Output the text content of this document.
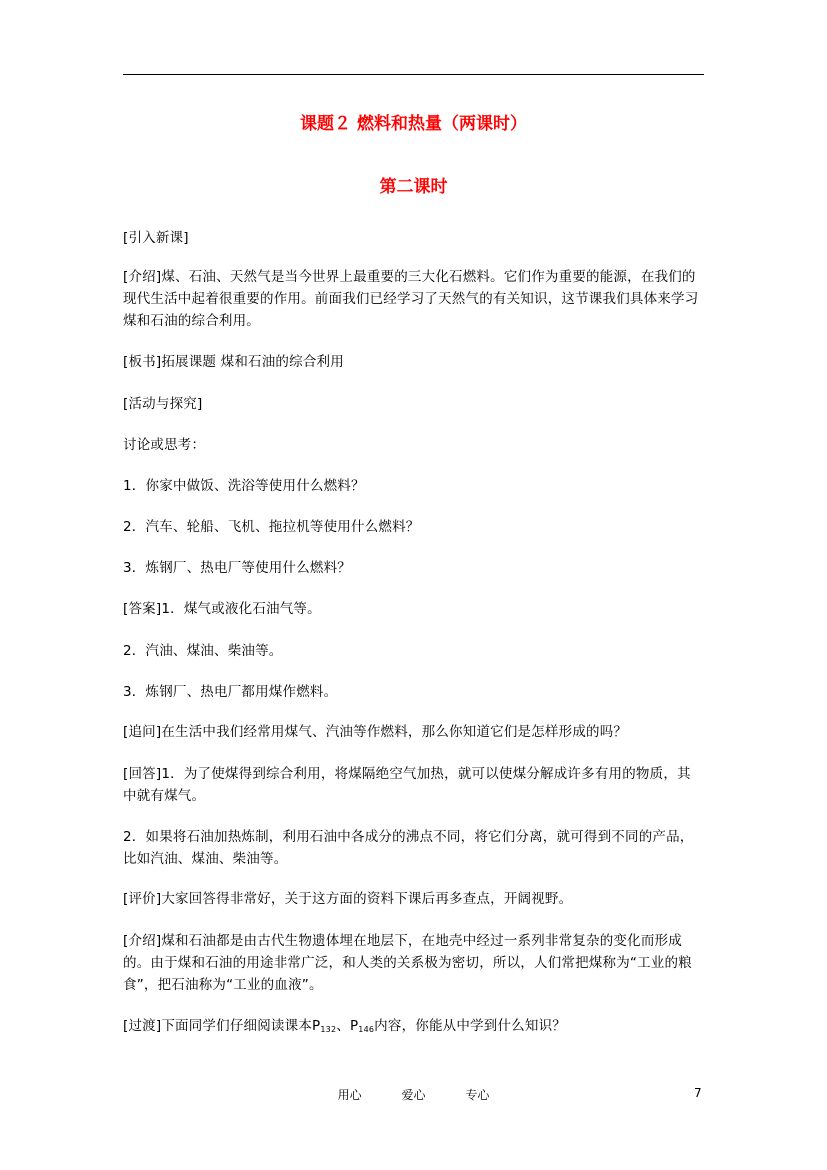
课题２ 燃料和热量（两课时）
第二课时
[引入新课]
[介绍]煤、石油、天然气是当今世界上最重要的三大化石燃料。它们作为重要的能源，在我们的现代生活中起着很重要的作用。前面我们已经学习了天然气的有关知识，这节课我们具体来学习煤和石油的综合利用。
[板书]拓展课题 煤和石油的综合利用
[活动与探究]
讨论或思考：
1．你家中做饭、洗浴等使用什么燃料？
2．汽车、轮船、飞机、拖拉机等使用什么燃料？
3．炼钢厂、热电厂等使用什么燃料？
[答案]1．煤气或液化石油气等。
2．汽油、煤油、柴油等。
3．炼钢厂、热电厂都用煤作燃料。
[追问]在生活中我们经常用煤气、汽油等作燃料，那么你知道它们是怎样形成的吗？
[回答]1．为了使煤得到综合利用，将煤隔绝空气加热，就可以使煤分解成许多有用的物质，其中就有煤气。
2．如果将石油加热炼制，利用石油中各成分的沸点不同，将它们分离，就可得到不同的产品，比如汽油、煤油、柴油等。
[评价]大家回答得非常好，关于这方面的资料下课后再多查点，开阔视野。
[介绍]煤和石油都是由古代生物遗体埋在地层下，在地壳中经过一系列非常复杂的变化而形成的。由于煤和石油的用途非常广泛，和人类的关系极为密切，所以，人们常把煤称为“工业的粮食”，把石油称为“工业的血液”。
[过渡]下面同学们仔细阅读课本$P_{132}$、$P_{146}$内容，你能从中学到什么知识？
用心	爱心	专心	7
